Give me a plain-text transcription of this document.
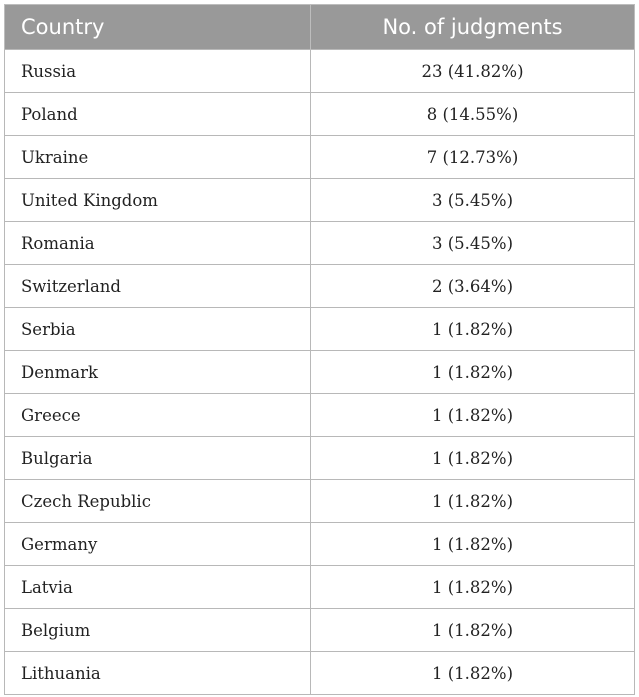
Country	No. of judgments
Russia	23 (41.82%)
Poland	8 (14.55%)
Ukraine	7 (12.73%)
United Kingdom	3 (5.45%)
Romania	3 (5.45%)
Switzerland	2 (3.64%)
Serbia	1 (1.82%)
Denmark	1 (1.82%)
Greece	1 (1.82%)
Bulgaria	1 (1.82%)
Czech Republic	1 (1.82%)
Germany	1 (1.82%)
Latvia	1 (1.82%)
Belgium	1 (1.82%)
Lithuania	1 (1.82%)
